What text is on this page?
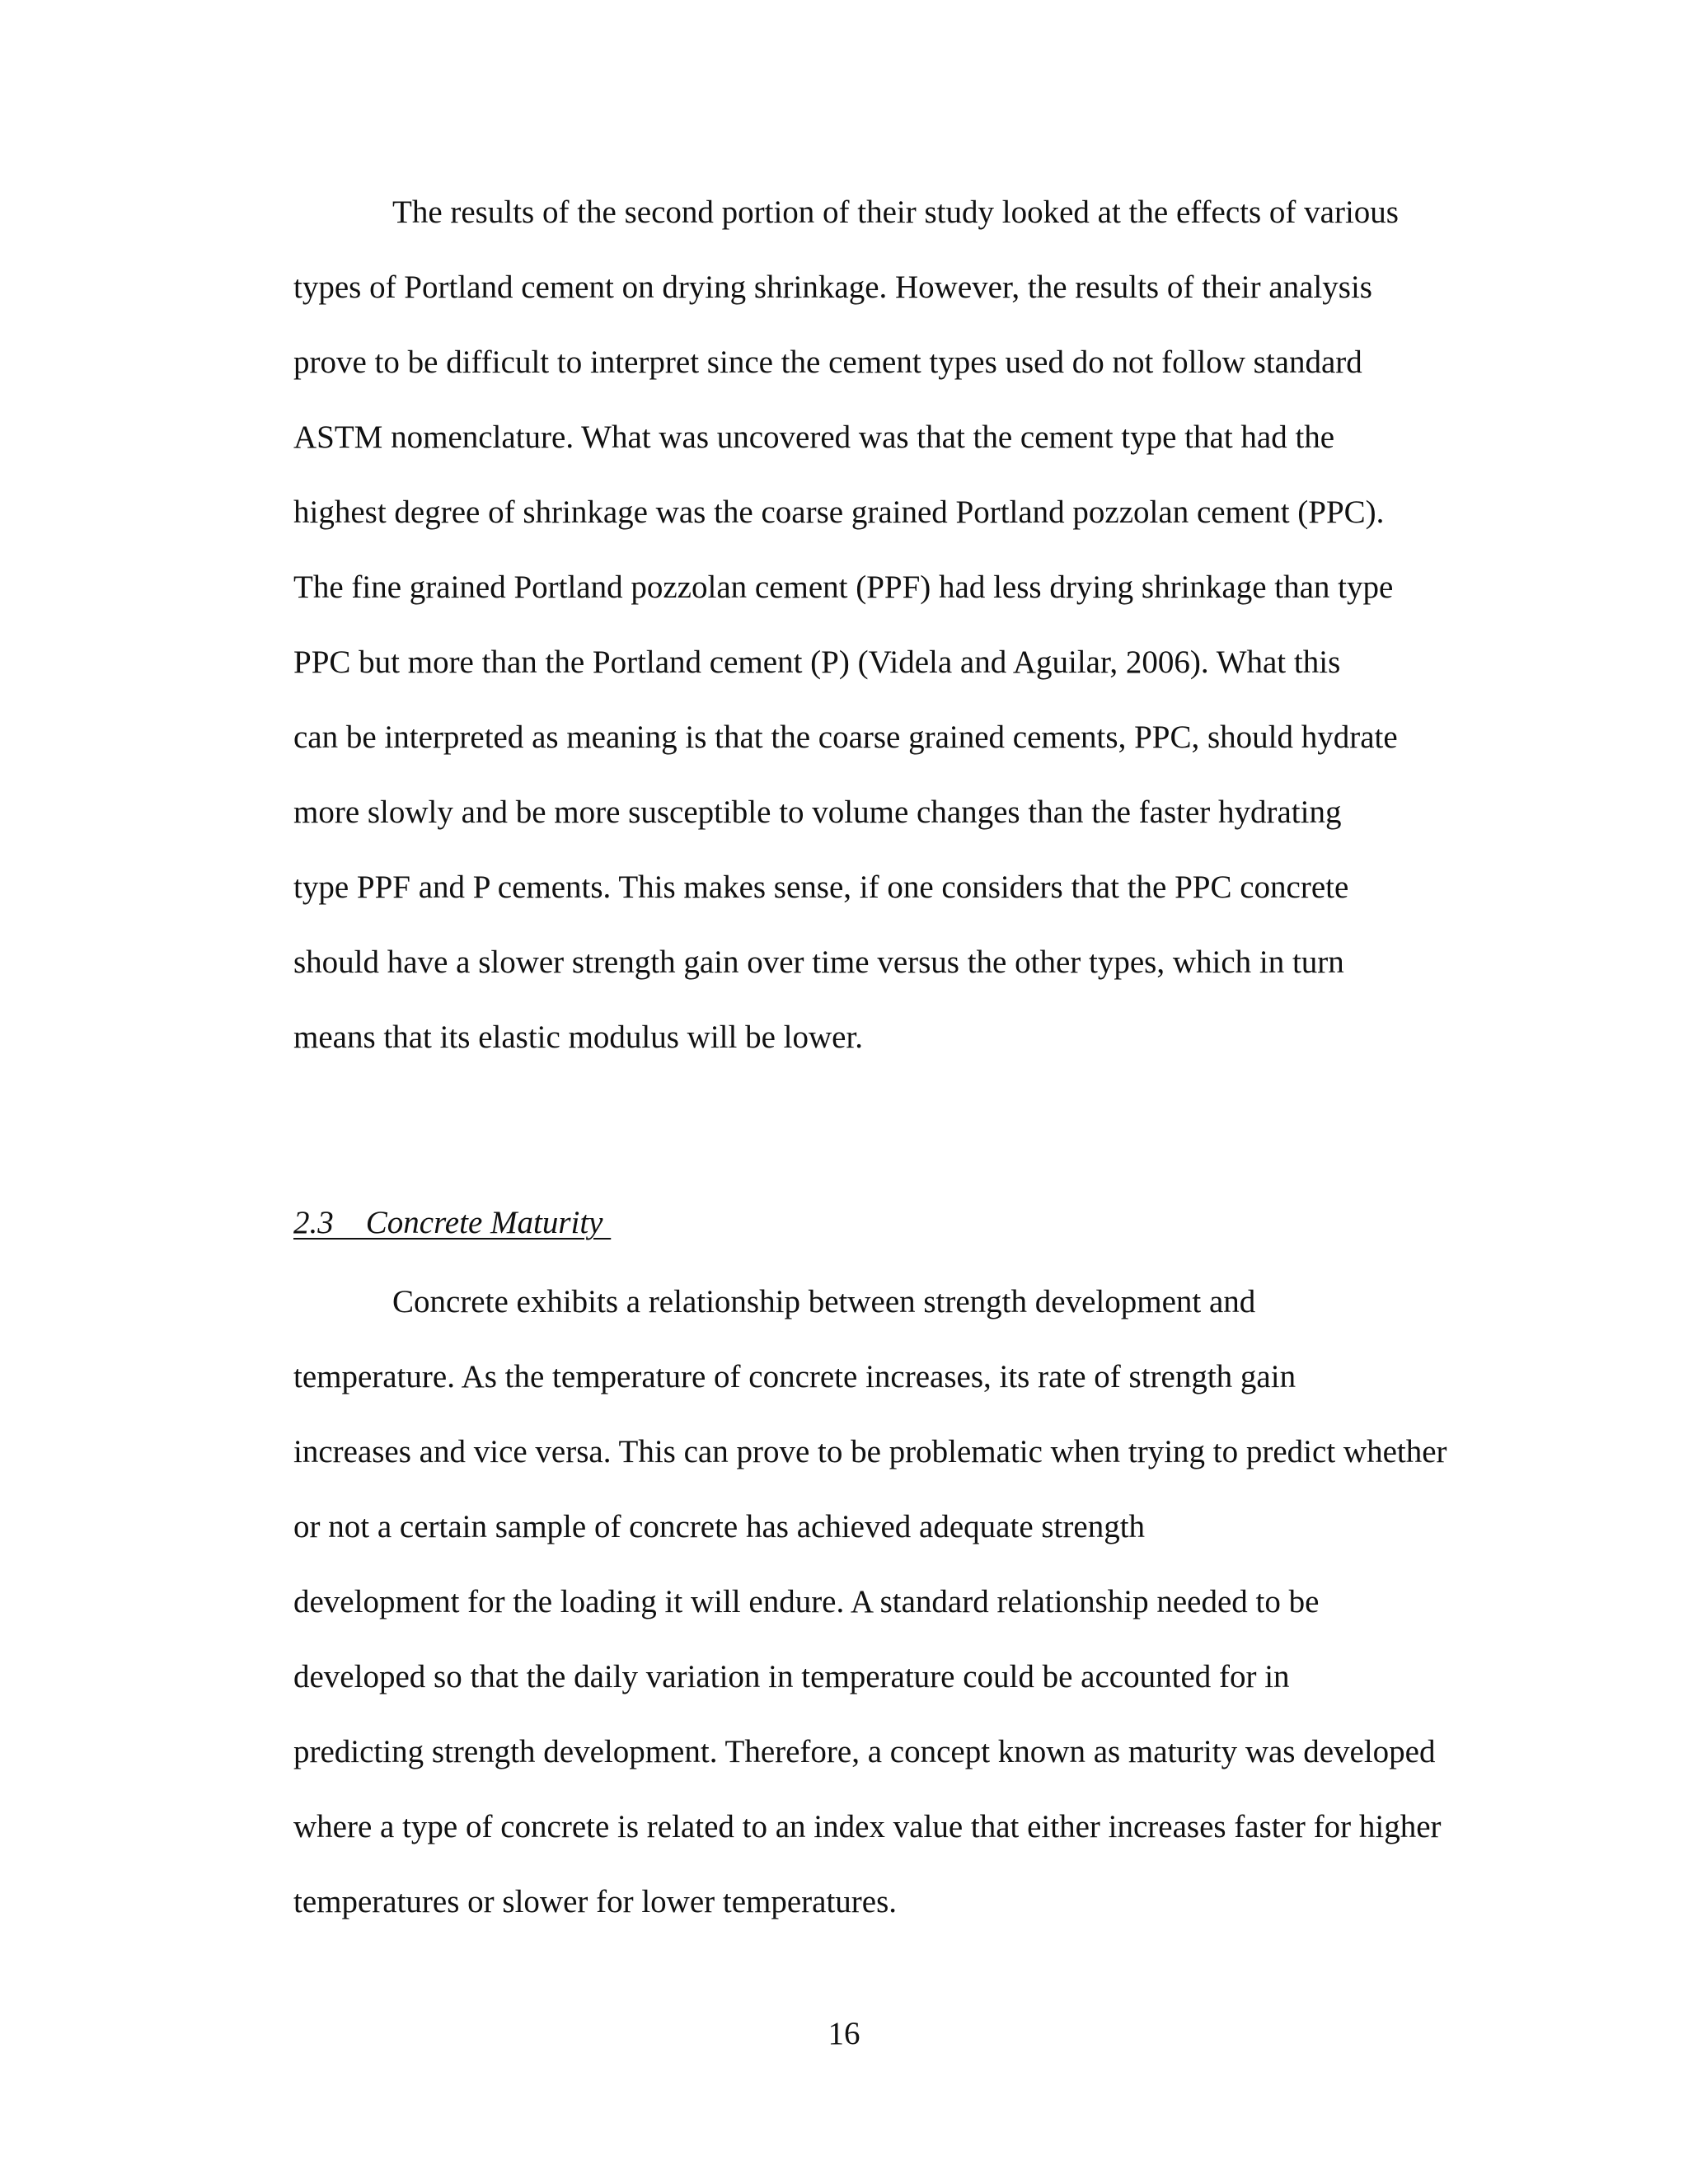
The results of the second portion of their study looked at the effects of various
types of Portland cement on drying shrinkage. However, the results of their analysis
prove to be difficult to interpret since the cement types used do not follow standard
ASTM nomenclature. What was uncovered was that the cement type that had the
highest degree of shrinkage was the coarse grained Portland pozzolan cement (PPC).
The fine grained Portland pozzolan cement (PPF) had less drying shrinkage than type
PPC but more than the Portland cement (P) (Videla and Aguilar, 2006). What this
can be interpreted as meaning is that the coarse grained cements, PPC, should hydrate
more slowly and be more susceptible to volume changes than the faster hydrating
type PPF and P cements. This makes sense, if one considers that the PPC concrete
should have a slower strength gain over time versus the other types, which in turn
means that its elastic modulus will be lower.
2.3    Concrete Maturity
Concrete exhibits a relationship between strength development and
temperature. As the temperature of concrete increases, its rate of strength gain
increases and vice versa. This can prove to be problematic when trying to predict whether
or not a certain sample of concrete has achieved adequate strength
development for the loading it will endure. A standard relationship needed to be
developed so that the daily variation in temperature could be accounted for in
predicting strength development. Therefore, a concept known as maturity was developed
where a type of concrete is related to an index value that either increases faster for higher
temperatures or slower for lower temperatures.
16
